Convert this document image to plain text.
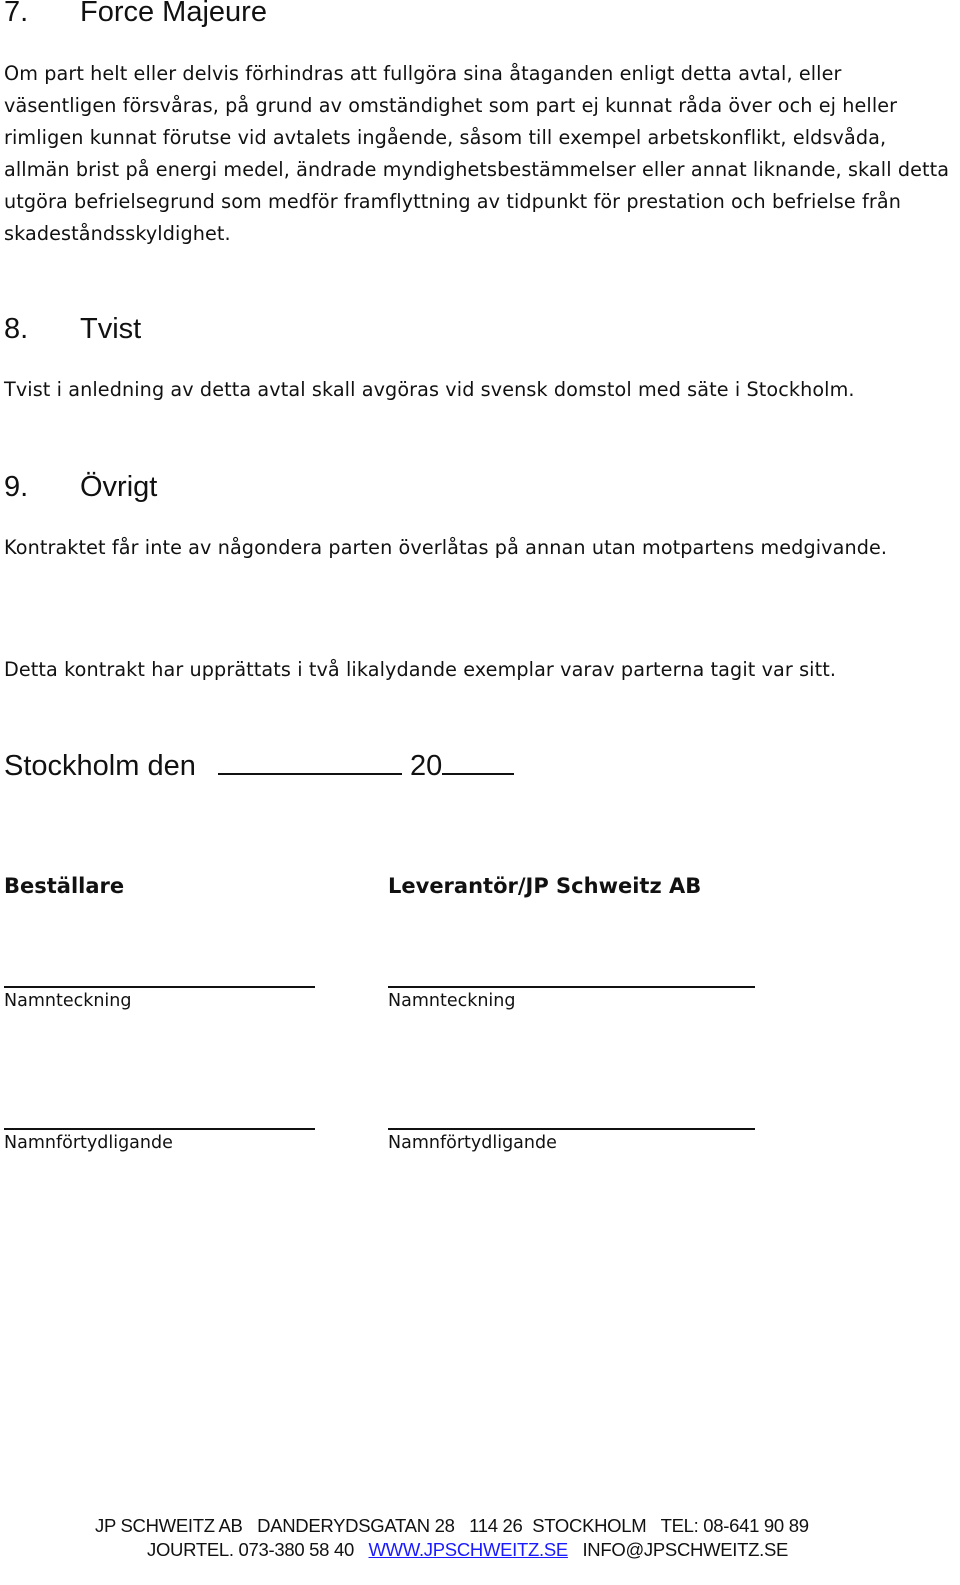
7. Force Majeure
Om part helt eller delvis förhindras att fullgöra sina åtaganden enligt detta avtal, eller väsentligen försvåras, på grund av omständighet som part ej kunnat råda över och ej heller rimligen kunnat förutse vid avtalets ingående, såsom till exempel arbetskonflikt, eldsvåda, allmän brist på energi medel, ändrade myndighetsbestämmelser eller annat liknande, skall detta utgöra befrielsegrund som medför framflyttning av tidpunkt för prestation och befrielse från skadeståndsskyldighet.
8. Tvist
Tvist i anledning av detta avtal skall avgöras vid svensk domstol med säte i Stockholm.
9. Övrigt
Kontraktet får inte av någondera parten överlåtas på annan utan motpartens medgivande.
Detta kontrakt har upprättats i två likalydande exemplar varav parterna tagit var sitt.
Stockholm den	20
Beställare	Leverantör/JP Schweitz AB
Namnteckning	Namnteckning
Namnförtydligande	Namnförtydligande
JP SCHWEITZ AB DANDERYDSGATAN 28 114 26 STOCKHOLM TEL: 08-641 90 89
JOURTEL. 073-380 58 40 WWW.JPSCHWEITZ.SE INFO@JPSCHWEITZ.SE
